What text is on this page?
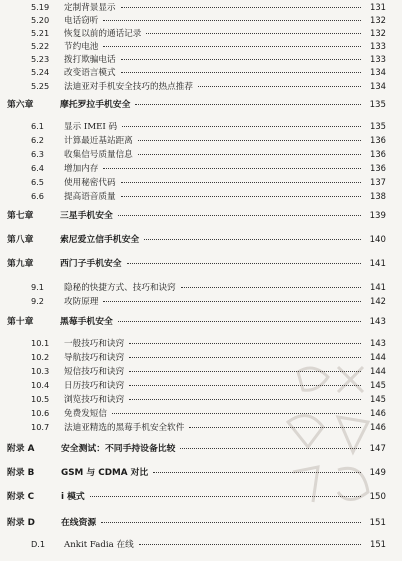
5.19	定制背景显示	131
5.20	电话窃听	132
5.21	恢复以前的通话记录	132
5.22	节约电池	133
5.23	拨打欺骗电话	133
5.24	改变语言模式	134
5.25	法迪亚对手机安全技巧的热点推荐	134
第六章	摩托罗拉手机安全	135
6.1	显示 IMEI 码	135
6.2	计算最近基站距离	136
6.3	收集信号质量信息	136
6.4	增加内存	136
6.5	使用秘密代码	137
6.6	提高语音质量	138
第七章	三星手机安全	139
第八章	索尼爱立信手机安全	140
第九章	西门子手机安全	141
9.1	隐秘的快捷方式、技巧和诀窍	141
9.2	攻防原理	142
第十章	黑莓手机安全	143
10.1	一般技巧和诀窍	143
10.2	导航技巧和诀窍	144
10.3	短信技巧和诀窍	144
10.4	日历技巧和诀窍	145
10.5	浏览技巧和诀窍	145
10.6	免费发短信	146
10.7	法迪亚精选的黑莓手机安全软件	146
附录 A	安全测试：不同手持设备比较	147
附录 B	GSM 与 CDMA 对比	149
附录 C	i 模式	150
附录 D	在线资源	151
D.1	Ankit Fadia 在线	151
